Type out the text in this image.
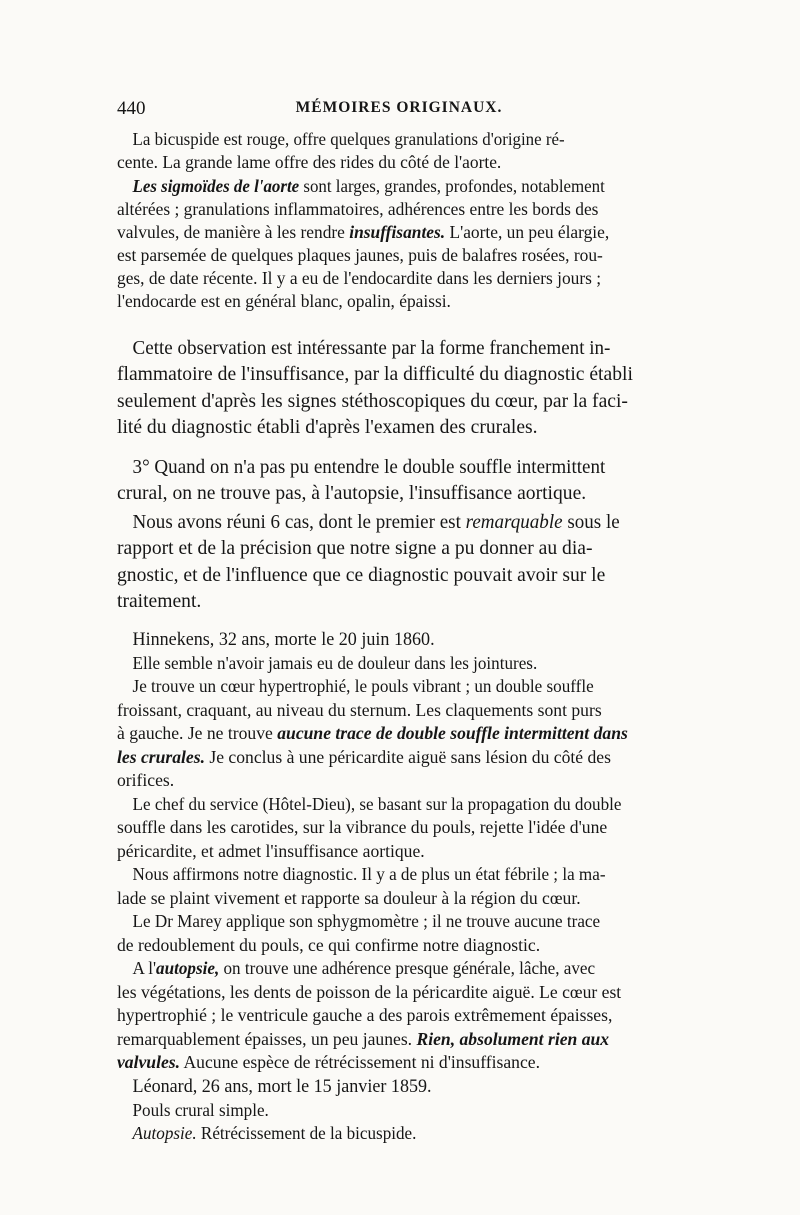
440	MÉMOIRES ORIGINAUX.
La bicuspide est rouge, offre quelques granulations d'origine ré-
cente. La grande lame offre des rides du côté de l'aorte.
Les sigmoïdes de l'aorte sont larges, grandes, profondes, notablement
altérées ; granulations inflammatoires, adhérences entre les bords des
valvules, de manière à les rendre insuffisantes. L'aorte, un peu élargie,
est parsemée de quelques plaques jaunes, puis de balafres rosées, rou-
ges, de date récente. Il y a eu de l'endocardite dans les derniers jours ;
l'endocarde est en général blanc, opalin, épaissi.
Cette observation est intéressante par la forme franchement in-
flammatoire de l'insuffisance, par la difficulté du diagnostic établi
seulement d'après les signes stéthoscopiques du cœur, par la faci-
lité du diagnostic établi d'après l'examen des crurales.
3° Quand on n'a pas pu entendre le double souffle intermittent
crural, on ne trouve pas, à l'autopsie, l'insuffisance aortique.
Nous avons réuni 6 cas, dont le premier est remarquable sous le
rapport et de la précision que notre signe a pu donner au dia-
gnostic, et de l'influence que ce diagnostic pouvait avoir sur le
traitement.
Hinnekens, 32 ans, morte le 20 juin 1860.
Elle semble n'avoir jamais eu de douleur dans les jointures.
Je trouve un cœur hypertrophié, le pouls vibrant ; un double souffle
froissant, craquant, au niveau du sternum. Les claquements sont purs
à gauche. Je ne trouve aucune trace de double souffle intermittent dans
les crurales. Je conclus à une péricardite aiguë sans lésion du côté des
orifices.
Le chef du service (Hôtel-Dieu), se basant sur la propagation du double
souffle dans les carotides, sur la vibrance du pouls, rejette l'idée d'une
péricardite, et admet l'insuffisance aortique.
Nous affirmons notre diagnostic. Il y a de plus un état fébrile ; la ma-
lade se plaint vivement et rapporte sa douleur à la région du cœur.
Le Dr Marey applique son sphygmomètre ; il ne trouve aucune trace
de redoublement du pouls, ce qui confirme notre diagnostic.
A l'autopsie, on trouve une adhérence presque générale, lâche, avec
les végétations, les dents de poisson de la péricardite aiguë. Le cœur est
hypertrophié ; le ventricule gauche a des parois extrêmement épaisses,
remarquablement épaisses, un peu jaunes. Rien, absolument rien aux
valvules. Aucune espèce de rétrécissement ni d'insuffisance.
Léonard, 26 ans, mort le 15 janvier 1859.
Pouls crural simple.
Autopsie. Rétrécissement de la bicuspide.
